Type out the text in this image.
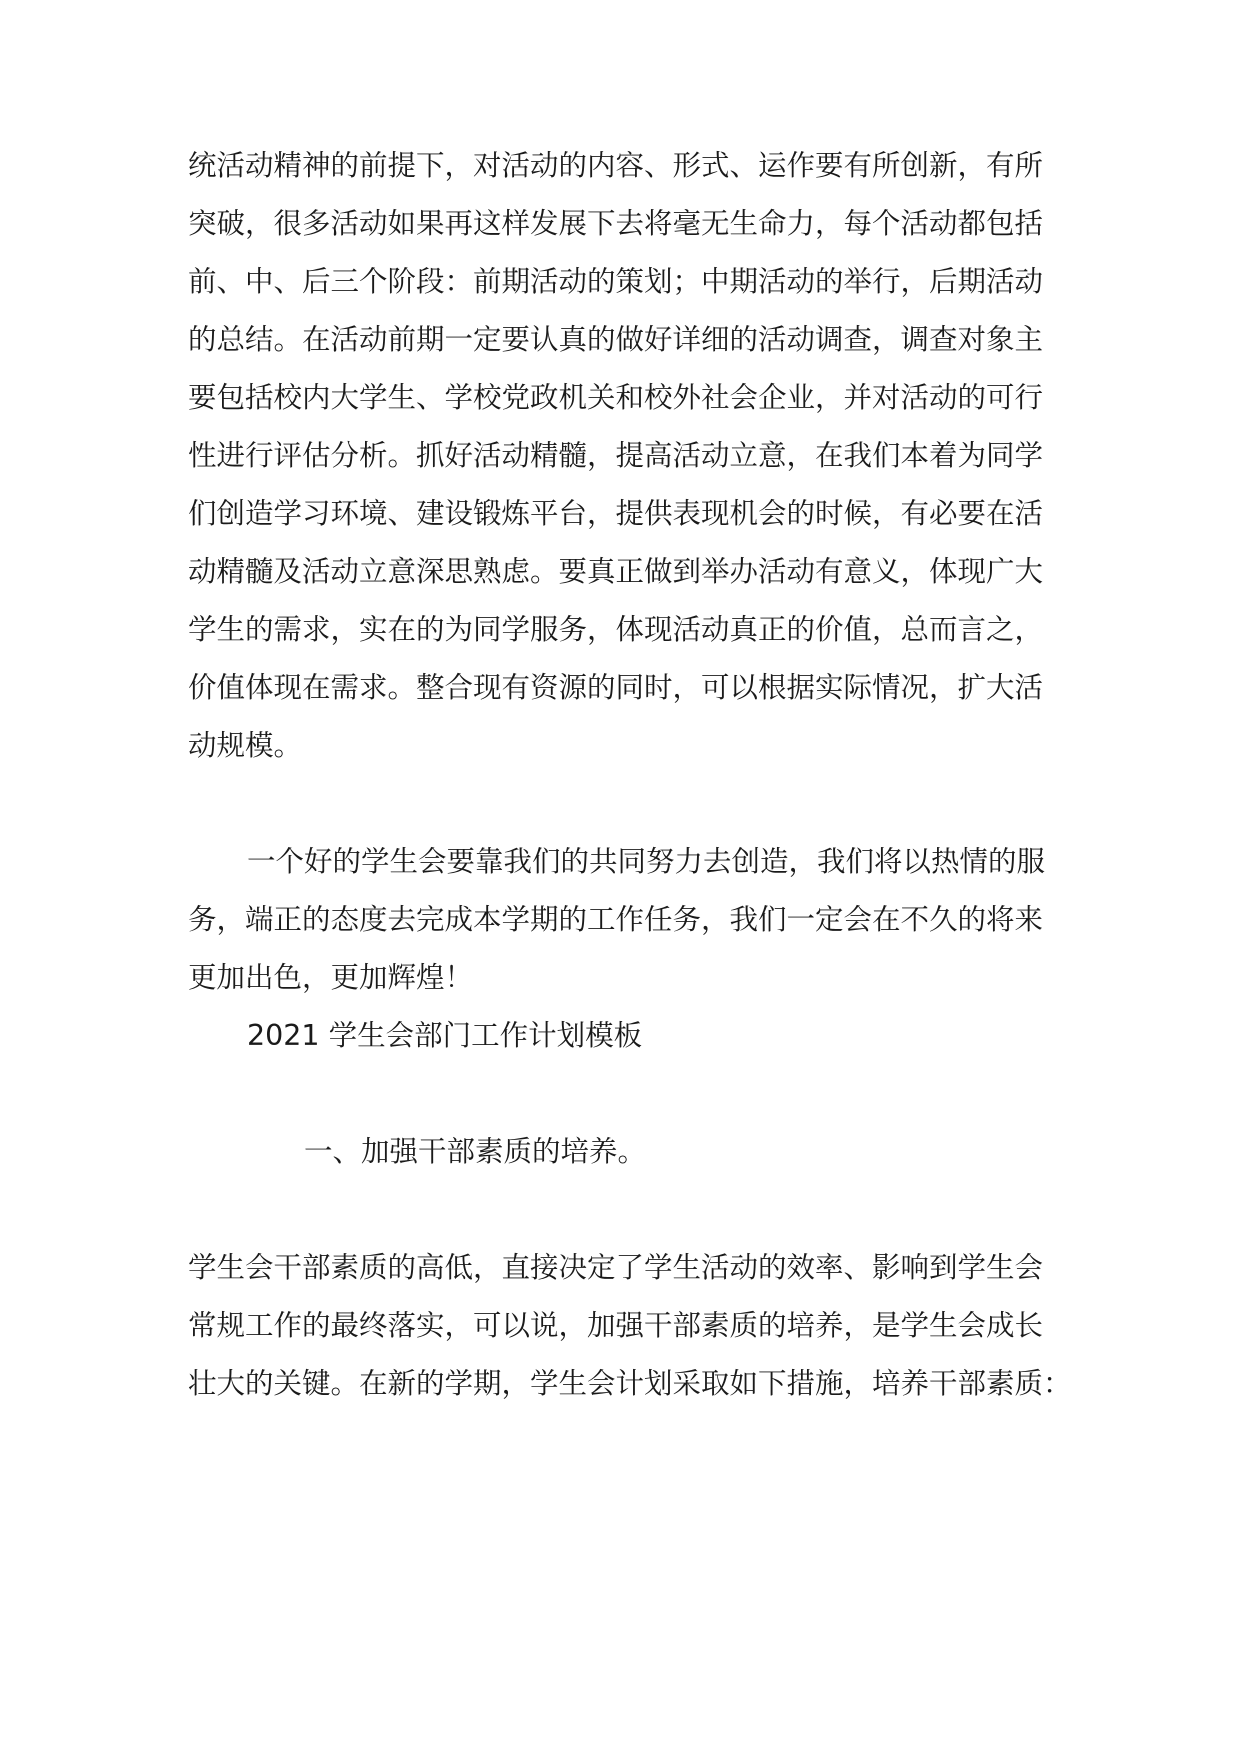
统活动精神的前提下，对活动的内容、形式、运作要有所创新，有所
突破，很多活动如果再这样发展下去将毫无生命力，每个活动都包括
前、中、后三个阶段：前期活动的策划；中期活动的举行，后期活动
的总结。在活动前期一定要认真的做好详细的活动调查，调查对象主
要包括校内大学生、学校党政机关和校外社会企业，并对活动的可行
性进行评估分析。抓好活动精髓，提高活动立意，在我们本着为同学
们创造学习环境、建设锻炼平台，提供表现机会的时候，有必要在活
动精髓及活动立意深思熟虑。要真正做到举办活动有意义，体现广大
学生的需求，实在的为同学服务，体现活动真正的价值，总而言之，
价值体现在需求。整合现有资源的同时，可以根据实际情况，扩大活
动规模。
一个好的学生会要靠我们的共同努力去创造，我们将以热情的服
务，端正的态度去完成本学期的工作任务，我们一定会在不久的将来
更加出色，更加辉煌！
2021 学生会部门工作计划模板
一、加强干部素质的培养。
学生会干部素质的高低，直接决定了学生活动的效率、影响到学生会
常规工作的最终落实，可以说，加强干部素质的培养，是学生会成长
壮大的关键。在新的学期，学生会计划采取如下措施，培养干部素质：
